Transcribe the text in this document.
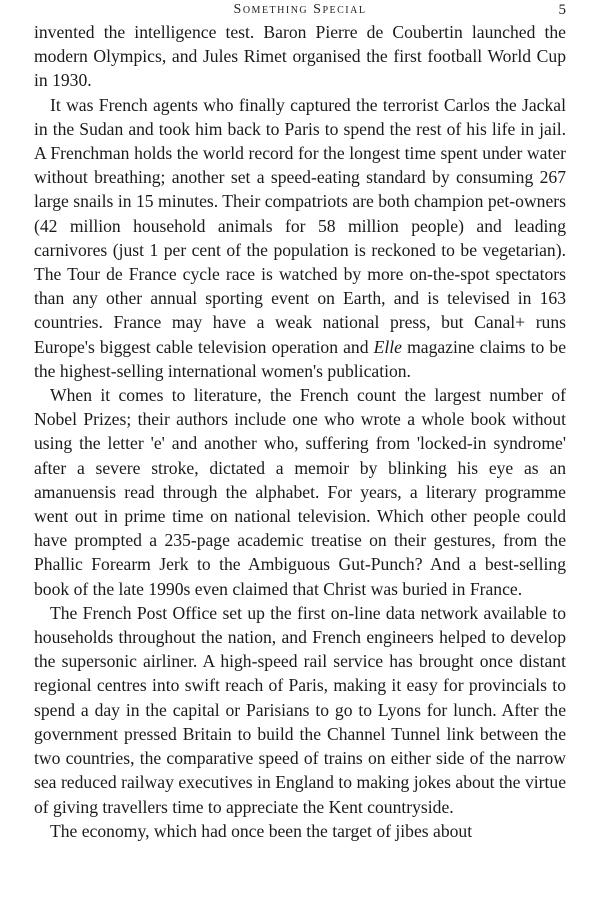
Something Special	5

invented the intelligence test. Baron Pierre de Coubertin launched the modern Olympics, and Jules Rimet organised the first football World Cup in 1930.

It was French agents who finally captured the terrorist Carlos the Jackal in the Sudan and took him back to Paris to spend the rest of his life in jail. A Frenchman holds the world record for the longest time spent under water without breathing; another set a speed-eating standard by consuming 267 large snails in 15 minutes. Their compatriots are both champion pet-owners (42 million household animals for 58 million people) and leading carnivores (just 1 per cent of the population is reckoned to be vegetarian). The Tour de France cycle race is watched by more on-the-spot spectators than any other annual sporting event on Earth, and is televised in 163 countries. France may have a weak national press, but Canal+ runs Europe's biggest cable television operation and Elle magazine claims to be the highest-selling international women's publication.

When it comes to literature, the French count the largest number of Nobel Prizes; their authors include one who wrote a whole book without using the letter 'e' and another who, suffering from 'locked-in syndrome' after a severe stroke, dictated a memoir by blinking his eye as an amanuensis read through the alphabet. For years, a literary programme went out in prime time on national television. Which other people could have prompted a 235-page academic treatise on their gestures, from the Phallic Forearm Jerk to the Ambiguous Gut-Punch? And a best-selling book of the late 1990s even claimed that Christ was buried in France.

The French Post Office set up the first on-line data network available to households throughout the nation, and French engineers helped to develop the supersonic airliner. A high-speed rail service has brought once distant regional centres into swift reach of Paris, making it easy for provincials to spend a day in the capital or Parisians to go to Lyons for lunch. After the government pressed Britain to build the Channel Tunnel link between the two countries, the comparative speed of trains on either side of the narrow sea reduced railway executives in England to making jokes about the virtue of giving travellers time to appreciate the Kent countryside.

The economy, which had once been the target of jibes about
